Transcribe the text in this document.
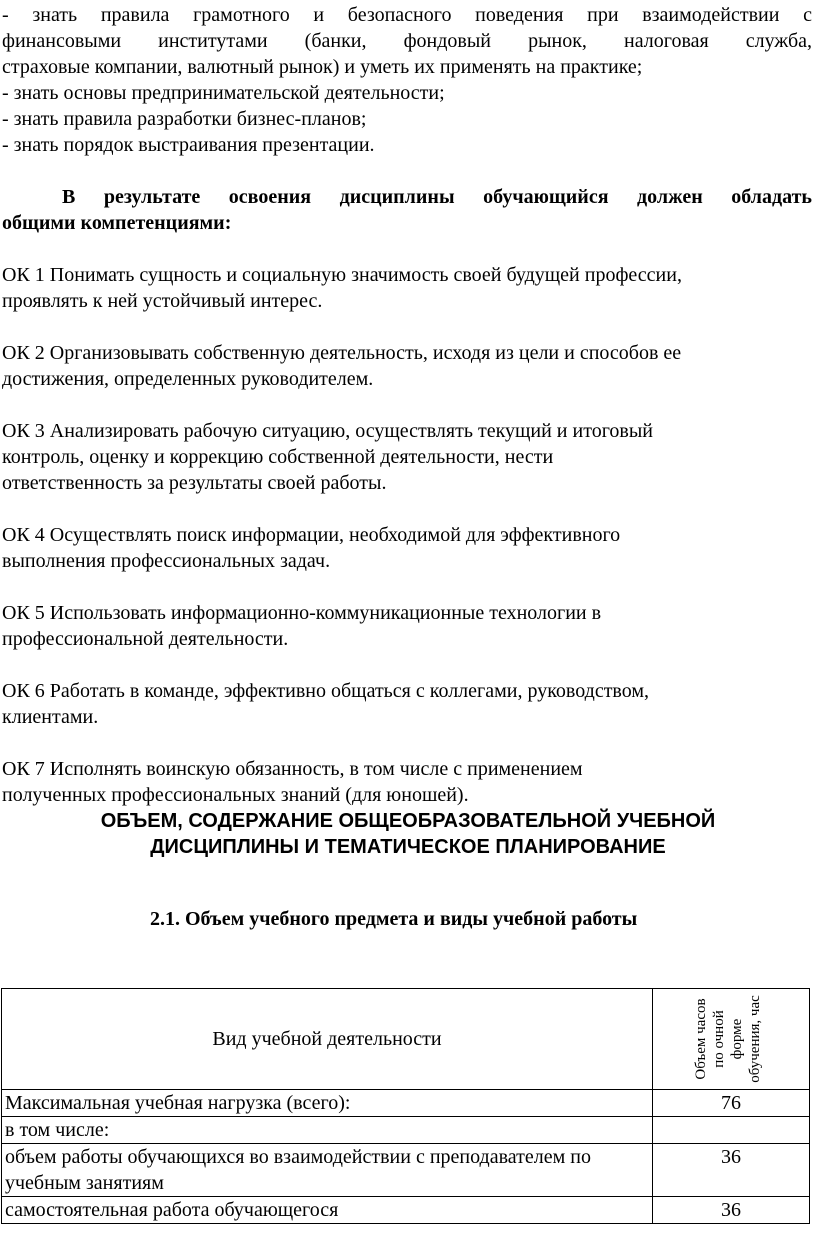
- знать правила грамотного и безопасного поведения при взаимодействии с
финансовыми институтами (банки, фондовый рынок, налоговая служба,
страховые компании, валютный рынок) и уметь их применять на практике;
- знать основы предпринимательской деятельности;
- знать правила разработки бизнес-планов;
- знать порядок выстраивания презентации.
В результате освоения дисциплины обучающийся должен обладать
общими компетенциями:
ОК 1 Понимать сущность и социальную значимость своей будущей профессии,
проявлять к ней устойчивый интерес.
ОК 2 Организовывать собственную деятельность, исходя из цели и способов ее
достижения, определенных руководителем.
ОК 3 Анализировать рабочую ситуацию, осуществлять текущий и итоговый
контроль, оценку и коррекцию собственной деятельности, нести
ответственность за результаты своей работы.
ОК 4 Осуществлять поиск информации, необходимой для эффективного
выполнения профессиональных задач.
ОК 5 Использовать информационно-коммуникационные технологии в
профессиональной деятельности.
ОК 6 Работать в команде, эффективно общаться с коллегами, руководством,
клиентами.
ОК 7 Исполнять воинскую обязанность, в том числе с применением
полученных профессиональных знаний (для юношей).
ОБЪЕМ, СОДЕРЖАНИЕ ОБЩЕОБРАЗОВАТЕЛЬНОЙ УЧЕБНОЙ
ДИСЦИПЛИНЫ И ТЕМАТИЧЕСКОЕ ПЛАНИРОВАНИЕ
2.1. Объем учебного предмета и виды учебной работы
Вид учебной деятельности	Объем часов по очной форме обучения, час

Максимальная учебная нагрузка (всего):	76
в том числе:	
объем работы обучающихся во взаимодействии с преподавателем по учебным занятиям	36
самостоятельная работа обучающегося	36
